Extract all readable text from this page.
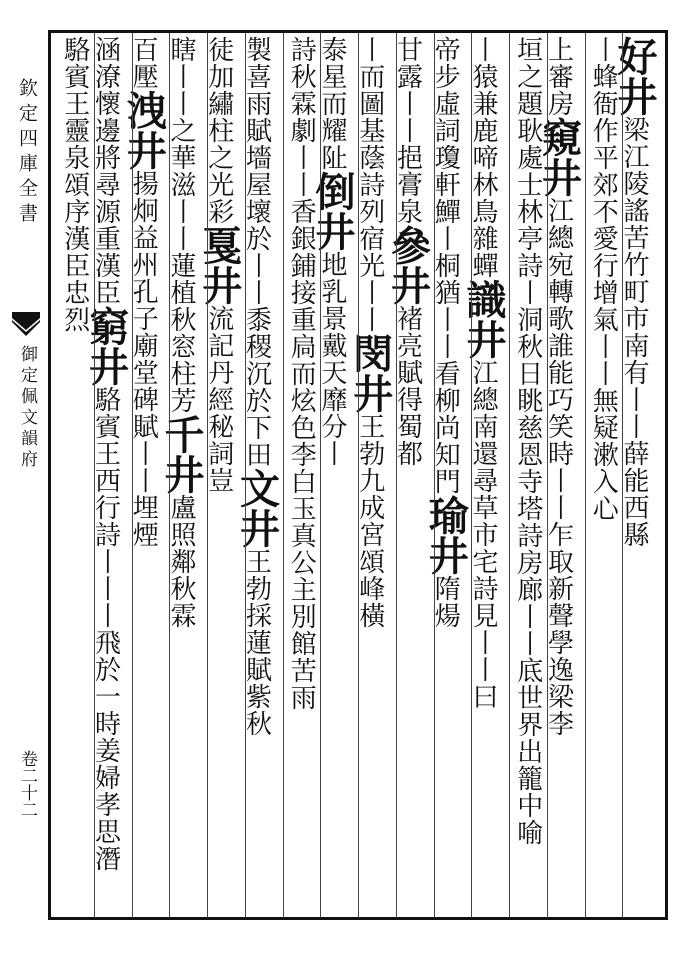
欽定四庫全書
御定佩文韻府
卷二十二
好井梁江陵謠苦竹町市南有丨丨薛能西縣
丨蜂衙作平郊不愛行增氣丨丨無疑漱入心
上審房窺井江總宛轉歌誰能巧笑時丨丨乍取新聲學逸梁李
垣之題耿處士林亭詩丨洞秋日眺慈恩寺塔詩房廊丨丨底世界出籠中喻
丨猿兼鹿啼林鳥雜蟬識井江總南還尋草市宅詩見丨丨曰
帝步虛詞瓊軒鱓丨桐猶丨丨看柳尚知門瑜井隋煬
甘露丨丨挹膏泉參井褚亮賦得蜀都
丨而圖基蔭詩列宿光丨丨閔井王勃九成宮頌峰橫
泰星而耀阯倒井地乳景戴天靡分丨
詩秋霖劇丨丨香銀鋪接重扃而炫色李白玉真公主別館苦雨
製喜雨賦墻屋壞於丨丨黍稷沉於下田文井王勃採蓮賦紫秋
徒加繡柱之光彩戛井流記丹經秘詞豈
瞎丨丨之華滋丨丨蓮植秋窓柱芳千井盧照鄰秋霖
百壓洩井揚炯益州孔子廟堂碑賦丨丨埋煙
涵潦懷邊將尋源重漢臣窮井駱賓王西行詩丨丨丨飛於一時姜婦孝思潛
駱賓王靈泉頌序漢臣忠烈
